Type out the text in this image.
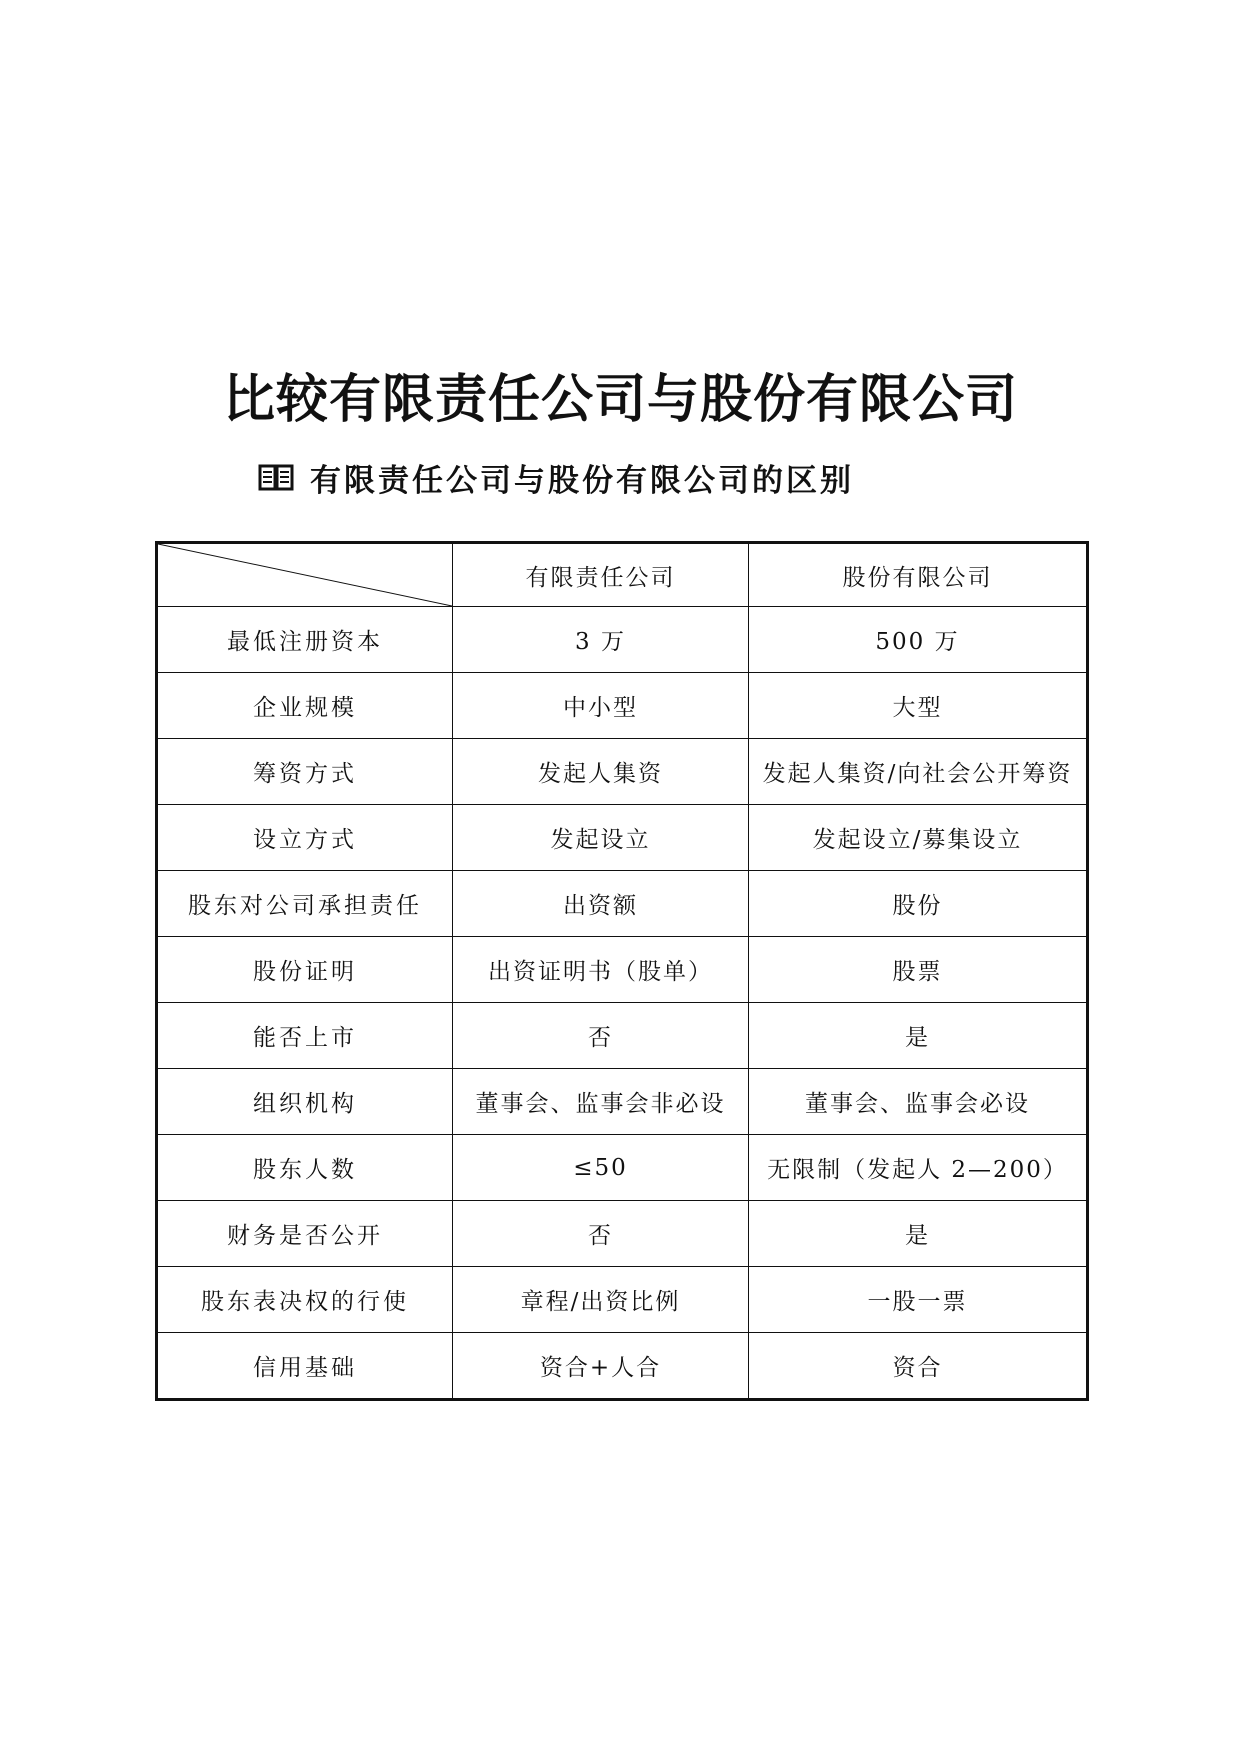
比较有限责任公司与股份有限公司
有限责任公司与股份有限公司的区别
	有限责任公司	股份有限公司
最低注册资本	3 万	500 万
企业规模	中小型	大型
筹资方式	发起人集资	发起人集资/向社会公开筹资
设立方式	发起设立	发起设立/募集设立
股东对公司承担责任	出资额	股份
股份证明	出资证明书（股单）	股票
能否上市	否	是
组织机构	董事会、监事会非必设	董事会、监事会必设
股东人数	≤50	无限制（发起人 2—200）
财务是否公开	否	是
股东表决权的行使	章程/出资比例	一股一票
信用基础	资合+人合	资合
